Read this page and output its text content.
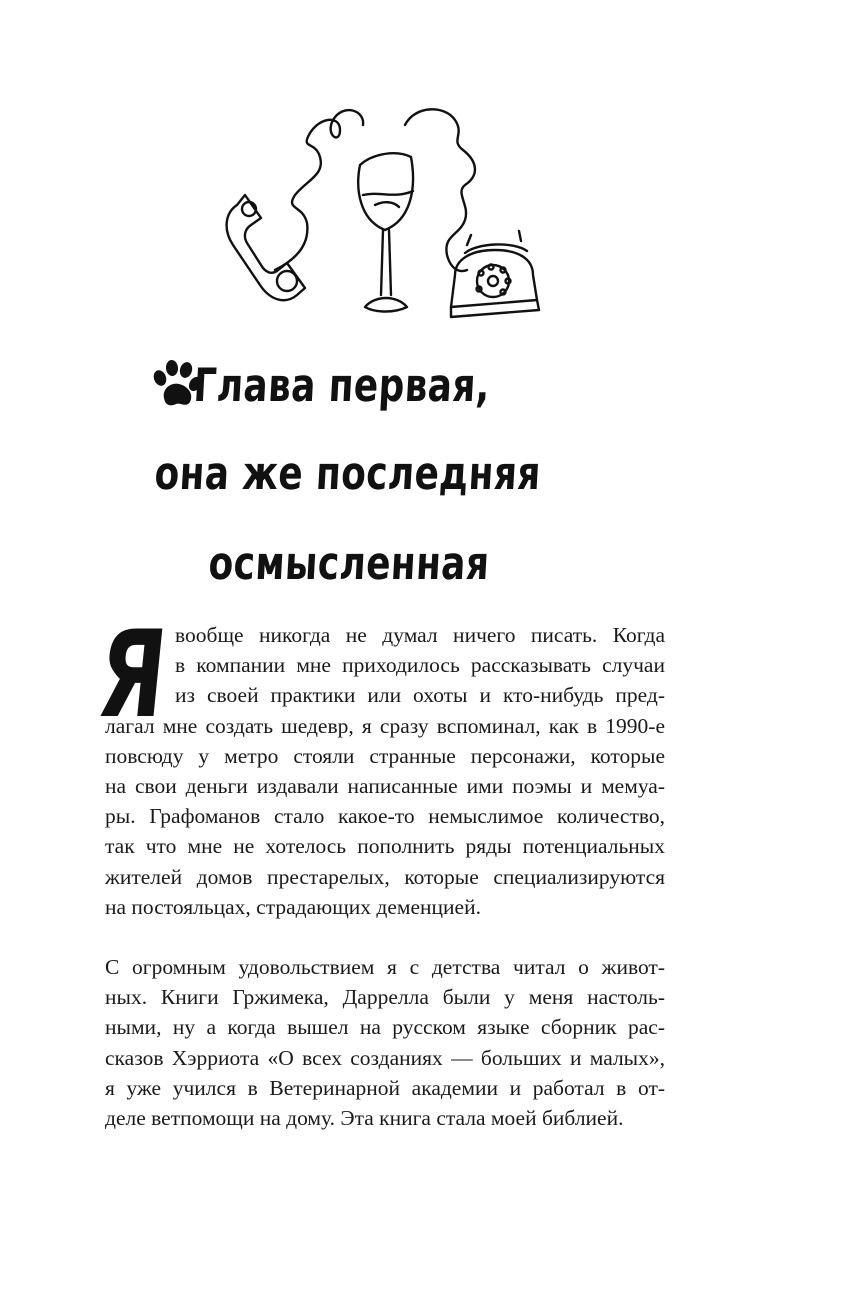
Глава первая,
она же последняя
осмысленная
Я вообще никогда не думал ничего писать. Когда
в компании мне приходилось рассказывать случаи
из своей практики или охоты и кто-нибудь пред-
лагал мне создать шедевр, я сразу вспоминал, как в 1990-е
повсюду у метро стояли странные персонажи, которые
на свои деньги издавали написанные ими поэмы и мемуа-
ры. Графоманов стало какое-то немыслимое количество,
так что мне не хотелось пополнить ряды потенциальных
жителей домов престарелых, которые специализируются
на постояльцах, страдающих деменцией.
С огромным удовольствием я с детства читал о живот-
ных. Книги Гржимека, Даррелла были у меня настоль-
ными, ну а когда вышел на русском языке сборник рас-
сказов Хэрриота «О всех созданиях — больших и малых»,
я уже учился в Ветеринарной академии и работал в от-
деле ветпомощи на дому. Эта книга стала моей библией.
